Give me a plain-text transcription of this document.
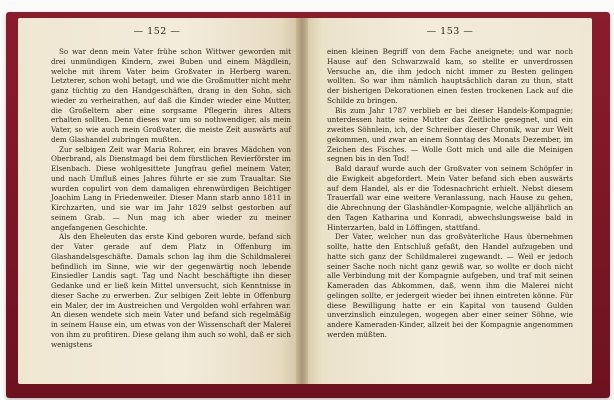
— 152 —

So war denn mein Vater frühe schon Wittwer geworden mit drei unmündigen Kindern, zwei Buben und einem Mägdlein, welche mit ihrem Vater beim Großvater in Herberg waren. Letzterer, schon wohl betagt, und wie die Großmutter nicht mehr ganz tüchtig zu den Handgeschäften, drang in den Sohn, sich wieder zu verheirathen, auf daß die Kinder wieder eine Mutter, die Großeltern aber eine sorgsame Pflegerin ihres Alters erhalten sollten. Denn dieses war um so nothwendiger, als mein Vater, so wie auch mein Großvater, die meiste Zeit auswärts auf dem Glashandel zubringen mußten.

Zur selbigen Zeit war Maria Rohrer, ein braves Mädchen von Oberbrand, als Dienstmagd bei dem fürstlichen Revierförster im Elsenbach. Diese wohlgesittete Jungfrau gefiel meinem Vater, und nach Umfluß eines Jahres führte er sie zum Traualtar. Sie wurden copulirt von dem damaligen ehrenwürdigen Beichtiger Joachim Lang in Friedenweiler. Dieser Mann starb anno 1811 in Kirchzarten, und sie war im Jahr 1829 selbst gestorben auf seinem Grab. — Nun mag ich aber wieder zu meiner angefangenen Geschichte.

Als den Eheleuten das erste Kind geboren wurde, befand sich der Vater gerade auf dem Platz in Offenburg im Glashandelsgeschäfte. Damals schon lag ihm die Schildmalerei befindlich im Sinne, wie wir der gegenwärtig noch lebende Einsiedler Landis sagt. Tag und Nacht beschäftigte ihn dieser Gedanke und er ließ kein Mittel unversucht, sich Kenntnisse in dieser Sache zu erwerben. Zur selbigen Zeit lebte in Offenburg ein Maler, der im Austreichen und Vergolden wohl erfahren war. An diesen wendete sich mein Vater und befand sich regelmäßig in seinem Hause ein, um etwas von der Wissenschaft der Malerei von ihm zu profitiren. Diese gelang ihm auch so wohl, daß er sich wenigstens

— 153 —

einen kleinen Begriff von dem Fache aneignete; und war noch Hause auf den Schwarzwald kam, so stellte er unverdrossen Versuche an, die ihm jedoch nicht immer zu Besten gelingen wollten. So war ihm nämlich hauptsächlich daran zu thun, statt der bisherigen Dekorationen einen festen trockenen Lack auf die Schilde zu bringen.

Bis zum Jahr 1787 verblieb er bei dieser Handels-Kompagnie; unterdessen hatte seine Mutter das Zeitliche gesegnet, und ein zweites Söhnlein, ich, der Schreiber dieser Chronik, war zur Welt gekommen, und zwar an einem Sonntag des Monats Dezember, im Zeichen des Fisches. — Wolle Gott mich und alle die Meinigen segnen bis in den Tod!

Bald darauf wurde auch der Großvater von seinem Schöpfer in die Ewigkeit abgefordert. Mein Vater befand sich eben auswärts auf dem Handel, als er die Todesnachricht erhielt. Nebst diesem Trauerfall war eine weitere Veranlassung, nach Hause zu gehen, die Abrechnung der Glashändler-Kompagnie, welche alljährlich an den Tagen Katharina und Konradi, abwechslungsweise bald in Hinterzarten, bald in Löffingen, stattfand.

Der Vater, welcher nun das großväterliche Haus übernehmen sollte, hatte den Entschluß gefaßt, den Handel aufzugeben und hatte sich ganz der Schildmalerei zugewandt. — Weil er jedoch seiner Sache noch nicht ganz gewiß war, so wollte er doch nicht alle Verbindung mit der Kompagnie aufgeben, und traf mit seinen Kameraden das Abkommen, daß, wenn ihm die Malerei nicht gelingen sollte, er jedergeit wieder bei ihnen eintreten könne. Für diese Bewilligung hatte er ein Kapital von tausend Gulden unverzinslich einzulegen, wogegen aber einer seiner Söhne, wie andere Kameraden-Kinder, allzeit bei der Kompagnie angenommen werden müßten.
